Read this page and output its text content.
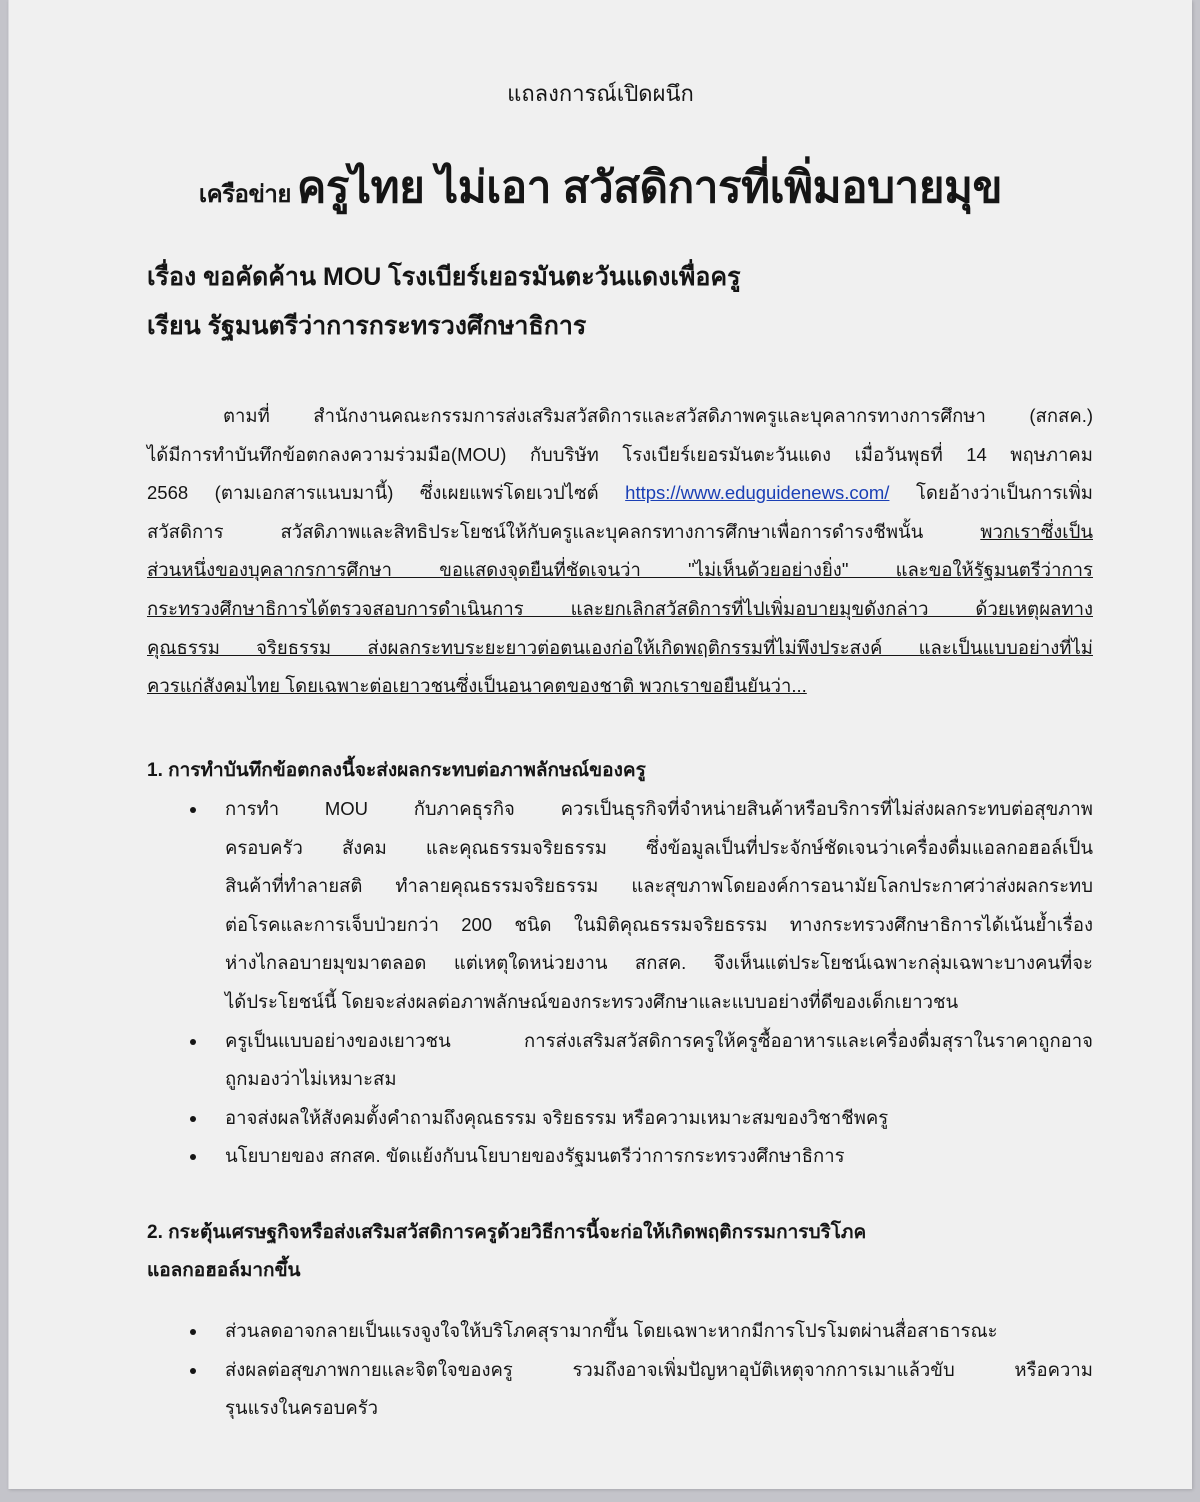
แถลงการณ์เปิดผนึก
เครือข่าย ครูไทย ไม่เอา สวัสดิการที่เพิ่มอบายมุข
เรื่อง ขอคัดค้าน MOU โรงเบียร์เยอรมันตะวันแดงเพื่อครู
เรียน รัฐมนตรีว่าการกระทรวงศึกษาธิการ
ตามที่ สำนักงานคณะกรรมการส่งเสริมสวัสดิการและสวัสดิภาพครูและบุคลากรทางการศึกษา (สกสค.)
ได้มีการทำบันทึกข้อตกลงความร่วมมือ(MOU) กับบริษัท โรงเบียร์เยอรมันตะวันแดง เมื่อวันพุธที่ 14 พฤษภาคม
2568 (ตามเอกสารแนบมานี้) ซึ่งเผยแพร่โดยเวปไซต์ https://www.eduguidenews.com/ โดยอ้างว่าเป็นการเพิ่ม
สวัสดิการ สวัสดิภาพและสิทธิประโยชน์ให้กับครูและบุคลกรทางการศึกษาเพื่อการดำรงชีพนั้น พวกเราซึ่งเป็น
ส่วนหนึ่งของบุคลากรการศึกษา ขอแสดงจุดยืนที่ชัดเจนว่า "ไม่เห็นด้วยอย่างยิ่ง" และขอให้รัฐมนตรีว่าการ
กระทรวงศึกษาธิการได้ตรวจสอบการดำเนินการ และยกเลิกสวัสดิการที่ไปเพิ่มอบายมุขดังกล่าว ด้วยเหตุผลทาง
คุณธรรม จริยธรรม ส่งผลกระทบระยะยาวต่อตนเองก่อให้เกิดพฤติกรรมที่ไม่พึงประสงค์ และเป็นแบบอย่างที่ไม่
ควรแก่สังคมไทย โดยเฉพาะต่อเยาวชนซึ่งเป็นอนาคตของชาติ พวกเราขอยืนยันว่า...
1. การทำบันทึกข้อตกลงนี้จะส่งผลกระทบต่อภาพลักษณ์ของครู
การทำ MOU กับภาคธุรกิจ ควรเป็นธุรกิจที่จำหน่ายสินค้าหรือบริการที่ไม่ส่งผลกระทบต่อสุขภาพ
ครอบครัว สังคม และคุณธรรมจริยธรรม ซึ่งข้อมูลเป็นที่ประจักษ์ชัดเจนว่าเครื่องดื่มแอลกอฮอล์เป็น
สินค้าที่ทำลายสติ ทำลายคุณธรรมจริยธรรม และสุขภาพโดยองค์การอนามัยโลกประกาศว่าส่งผลกระทบ
ต่อโรคและการเจ็บป่วยกว่า 200 ชนิด ในมิติคุณธรรมจริยธรรม ทางกระทรวงศึกษาธิการได้เน้นย้ำเรื่อง
ห่างไกลอบายมุขมาตลอด แต่เหตุใดหน่วยงาน สกสค. จึงเห็นแต่ประโยชน์เฉพาะกลุ่มเฉพาะบางคนที่จะ
ได้ประโยชน์นี้ โดยจะส่งผลต่อภาพลักษณ์ของกระทรวงศึกษาและแบบอย่างที่ดีของเด็กเยาวชน
ครูเป็นแบบอย่างของเยาวชน การส่งเสริมสวัสดิการครูให้ครูซื้ออาหารและเครื่องดื่มสุราในราคาถูกอาจ
ถูกมองว่าไม่เหมาะสม
อาจส่งผลให้สังคมตั้งคำถามถึงคุณธรรม จริยธรรม หรือความเหมาะสมของวิชาชีพครู
นโยบายของ สกสค. ขัดแย้งกับนโยบายของรัฐมนตรีว่าการกระทรวงศึกษาธิการ
2. กระตุ้นเศรษฐกิจหรือส่งเสริมสวัสดิการครูด้วยวิธีการนี้จะก่อให้เกิดพฤติกรรมการบริโภค
แอลกอฮอล์มากขึ้น
ส่วนลดอาจกลายเป็นแรงจูงใจให้บริโภคสุรามากขึ้น โดยเฉพาะหากมีการโปรโมตผ่านสื่อสาธารณะ
ส่งผลต่อสุขภาพกายและจิตใจของครู รวมถึงอาจเพิ่มปัญหาอุบัติเหตุจากการเมาแล้วขับ หรือความ
รุนแรงในครอบครัว
